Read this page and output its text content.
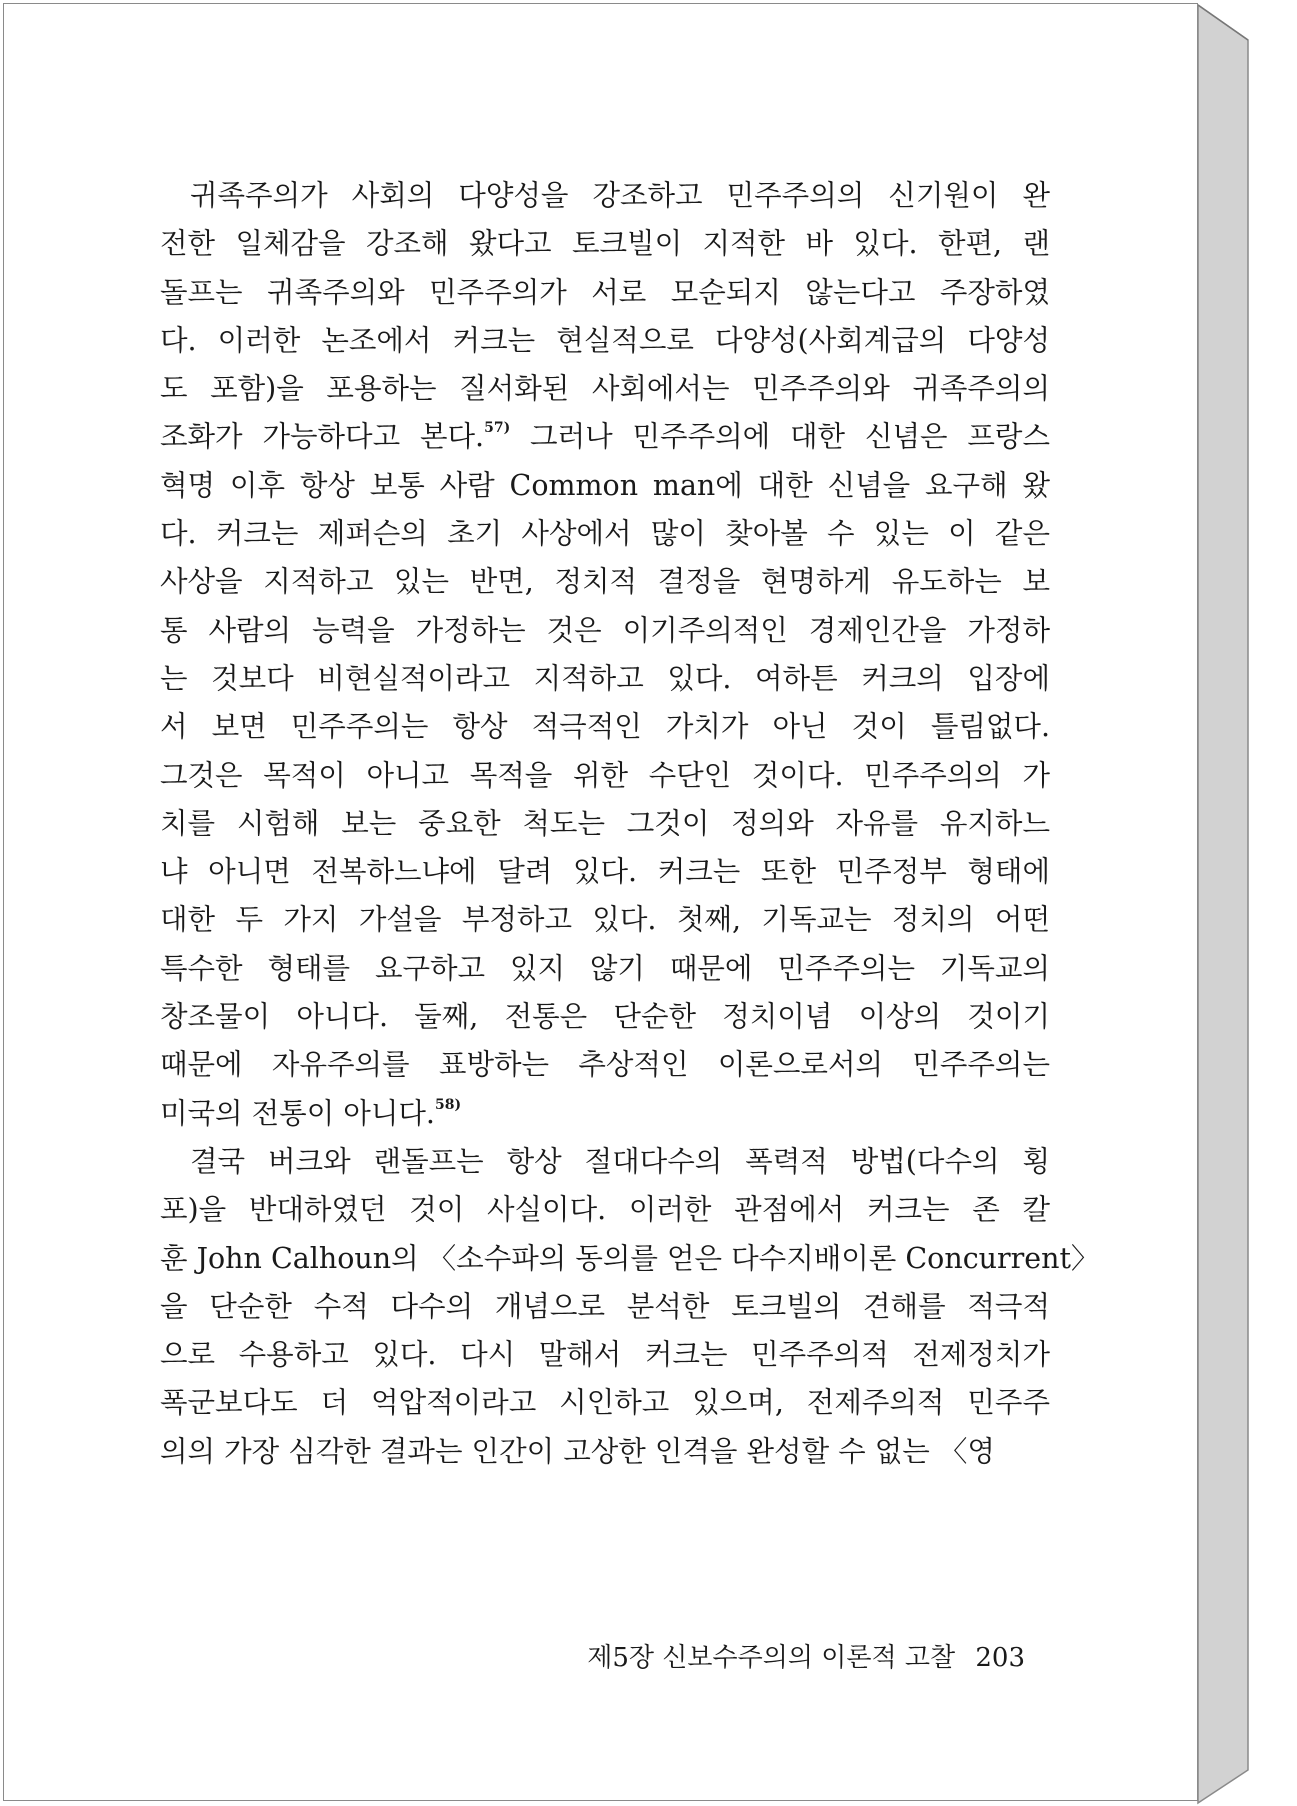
귀족주의가 사회의 다양성을 강조하고 민주주의의 신기원이 완
전한 일체감을 강조해 왔다고 토크빌이 지적한 바 있다. 한편, 랜
돌프는 귀족주의와 민주주의가 서로 모순되지 않는다고 주장하였
다. 이러한 논조에서 커크는 현실적으로 다양성(사회계급의 다양성
도 포함)을 포용하는 질서화된 사회에서는 민주주의와 귀족주의의
조화가 가능하다고 본다.$^{57)}$ 그러나 민주주의에 대한 신념은 프랑스
혁명 이후 항상 보통 사람 Common man에 대한 신념을 요구해 왔
다. 커크는 제퍼슨의 초기 사상에서 많이 찾아볼 수 있는 이 같은
사상을 지적하고 있는 반면, 정치적 결정을 현명하게 유도하는 보
통 사람의 능력을 가정하는 것은 이기주의적인 경제인간을 가정하
는 것보다 비현실적이라고 지적하고 있다. 여하튼 커크의 입장에
서 보면 민주주의는 항상 적극적인 가치가 아닌 것이 틀림없다.
그것은 목적이 아니고 목적을 위한 수단인 것이다. 민주주의의 가
치를 시험해 보는 중요한 척도는 그것이 정의와 자유를 유지하느
냐 아니면 전복하느냐에 달려 있다. 커크는 또한 민주정부 형태에
대한 두 가지 가설을 부정하고 있다. 첫째, 기독교는 정치의 어떤
특수한 형태를 요구하고 있지 않기 때문에 민주주의는 기독교의
창조물이 아니다. 둘째, 전통은 단순한 정치이념 이상의 것이기
때문에 자유주의를 표방하는 추상적인 이론으로서의 민주주의는
미국의 전통이 아니다.$^{58)}$
결국 버크와 랜돌프는 항상 절대다수의 폭력적 방법(다수의 횡
포)을 반대하였던 것이 사실이다. 이러한 관점에서 커크는 존 칼
훈 John Calhoun의 〈소수파의 동의를 얻은 다수지배이론 Concurrent〉
을 단순한 수적 다수의 개념으로 분석한 토크빌의 견해를 적극적
으로 수용하고 있다. 다시 말해서 커크는 민주주의적 전제정치가
폭군보다도 더 억압적이라고 시인하고 있으며, 전제주의적 민주주
의의 가장 심각한 결과는 인간이 고상한 인격을 완성할 수 없는 〈영
제5장 신보수주의의 이론적 고찰 203
